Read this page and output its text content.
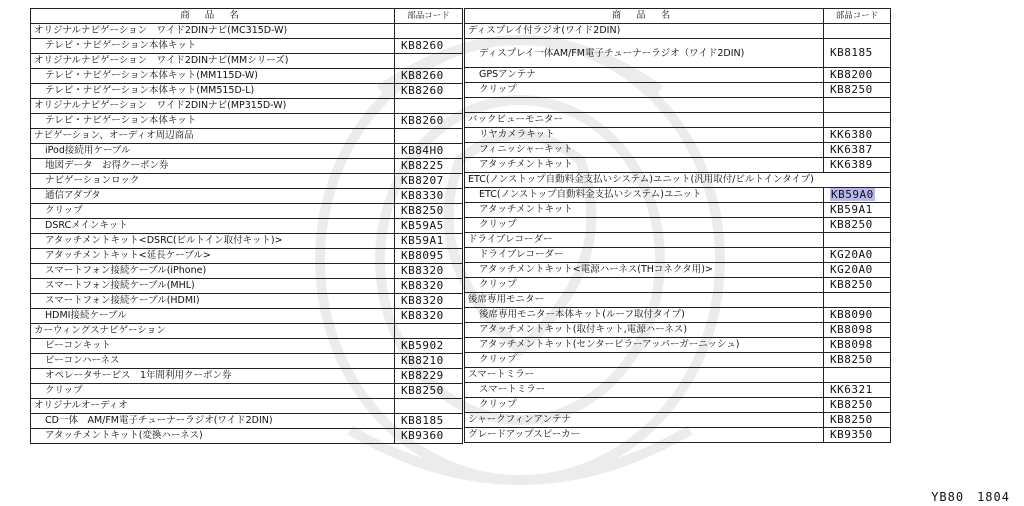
商 品 名	部品コード
オリジナルナビゲーション　ワイド2DINナビ(MC315D-W)	
テレビ・ナビゲーション本体キット	KB8260
オリジナルナビゲーション　ワイド2DINナビ(MMシリーズ)	
テレビ・ナビゲーション本体キット(MM115D-W)	KB8260
テレビ・ナビゲーション本体キット(MM515D-L)	KB8260
オリジナルナビゲーション　ワイド2DINナビ(MP315D-W)	
テレビ・ナビゲーション本体キット	KB8260
ナビゲーション、オーディオ周辺商品	
iPod接続用ケーブル	KB84H0
地図データ　お得クーポン券	KB8225
ナビゲーションロック	KB8207
通信アダプタ	KB8330
クリップ	KB8250
DSRCメインキット	KB59A5
アタッチメントキット<DSRC(ビルトイン取付キット)>	KB59A1
アタッチメントキット<延長ケーブル>	KB8095
スマートフォン接続ケーブル(iPhone)	KB8320
スマートフォン接続ケーブル(MHL)	KB8320
スマートフォン接続ケーブル(HDMI)	KB8320
HDMI接続ケーブル	KB8320
カーウィングスナビゲーション	
ビーコンキット	KB5902
ビーコンハーネス	KB8210
オペレータサービス　1年間利用クーポン券	KB8229
クリップ	KB8250
オリジナルオーディオ	
CD一体　AM/FM電子チューナーラジオ(ワイド2DIN)	KB8185
アタッチメントキット(変換ハーネス)	KB9360
商 品 名	部品コード
ディスプレイ付ラジオ(ワイド2DIN)	
ディスプレイ一体AM/FM電子チューナーラジオ（ワイド2DIN)	KB8185
GPSアンテナ	KB8200
クリップ	KB8250

バックビューモニター	
リヤカメラキット	KK6380
フィニッシャーキット	KK6387
アタッチメントキット	KK6389
ETC(ノンストップ自動料金支払いシステム)ユニット(汎用取付/ビルトインタイプ)	
ETC(ノンストップ自動料金支払いシステム)ユニット	KB59A0
アタッチメントキット	KB59A1
クリップ	KB8250
ドライブレコーダー	
ドライブレコーダー	KG20A0
アタッチメントキット<電源ハーネス(THコネクタ用)>	KG20A0
クリップ	KB8250
後席専用モニター	
後席専用モニター本体キット(ルーフ取付タイプ)	KB8090
アタッチメントキット(取付キット,電源ハーネス)	KB8098
アタッチメントキット(センターピラーアッパーガーニッシュ)	KB8098
クリップ	KB8250
スマートミラー	
スマートミラー	KK6321
クリップ	KB8250
シャークフィンアンテナ	KB8250
グレードアップスピーカー	KB9350
YB80　1804
